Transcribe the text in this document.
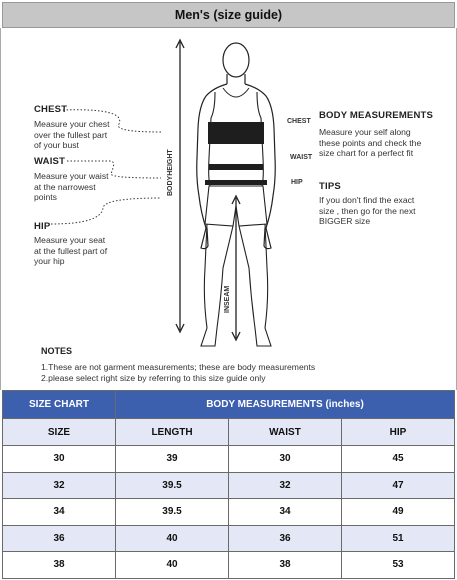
Men's (size guide)
CHEST
Measure your chest
over the fullest part
of your bust
WAIST
Measure your waist
at the narrowest
points
HIP
Measure your seat
at the fullest part of
your hip
BODYHEIGHT
INSEAM
CHEST
WAIST
HIP
BODY MEASUREMENTS
Measure your self along
these points and check the
size chart for a perfect fit
TIPS
If you don't find the exact
size , then go for the next
BIGGER size
NOTES
1.These are not garment measurements; these are body measurements
2.please select right size by referring to this size guide only
SIZE CHART	BODY MEASUREMENTS (inches)		
SIZE	LENGTH	WAIST	HIP
30	39	30	45
32	39.5	32	47
34	39.5	34	49
36	40	36	51
38	40	38	53
